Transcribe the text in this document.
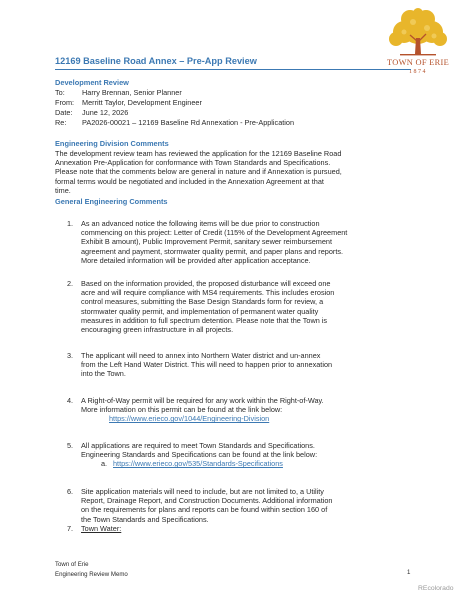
TOWN OF ERIE
1874
12169 Baseline Road Annex – Pre-App Review
Development Review
To: Harry Brennan, Senior Planner
From: Merritt Taylor, Development Engineer
Date: June 12, 2026
Re: PA2026-00021 – 12169 Baseline Rd Annexation - Pre-Application
Engineering Division Comments
The development review team has reviewed the application for the 12169 Baseline Road
Annexation Pre-Application for conformance with Town Standards and Specifications.
Please note that the comments below are general in nature and if Annexation is pursued,
formal terms would be negotiated and included in the Annexation Agreement at that
time.
General Engineering Comments
1. As an advanced notice the following items will be due prior to construction
commencing on this project: Letter of Credit (115% of the Development Agreement
Exhibit B amount), Public Improvement Permit, sanitary sewer reimbursement
agreement and payment, stormwater quality permit, and paper plans and reports.
More detailed information will be provided after application acceptance.
2. Based on the information provided, the proposed disturbance will exceed one
acre and will require compliance with MS4 requirements. This includes erosion
control measures, submitting the Base Design Standards form for review, a
stormwater quality permit, and implementation of permanent water quality
measures in addition to full spectrum detention. Please note that the Town is
encouraging green infrastructure in all projects.
3. The applicant will need to annex into Northern Water district and un-annex
from the Left Hand Water District. This will need to happen prior to annexation
into the Town.
4. A Right-of-Way permit will be required for any work within the Right-of-Way.
More information on this permit can be found at the link below:
https://www.erieco.gov/1044/Engineering-Division
5. All applications are required to meet Town Standards and Specifications.
Engineering Standards and Specifications can be found at the link below:
a. https://www.erieco.gov/535/Standards-Specifications
6. Site application materials will need to include, but are not limited to, a Utility
Report, Drainage Report, and Construction Documents. Additional information
on the requirements for plans and reports can be found within section 160 of
the Town Standards and Specifications.
7. Town Water:
Town of Erie
Engineering Review Memo	1
REcolorado
